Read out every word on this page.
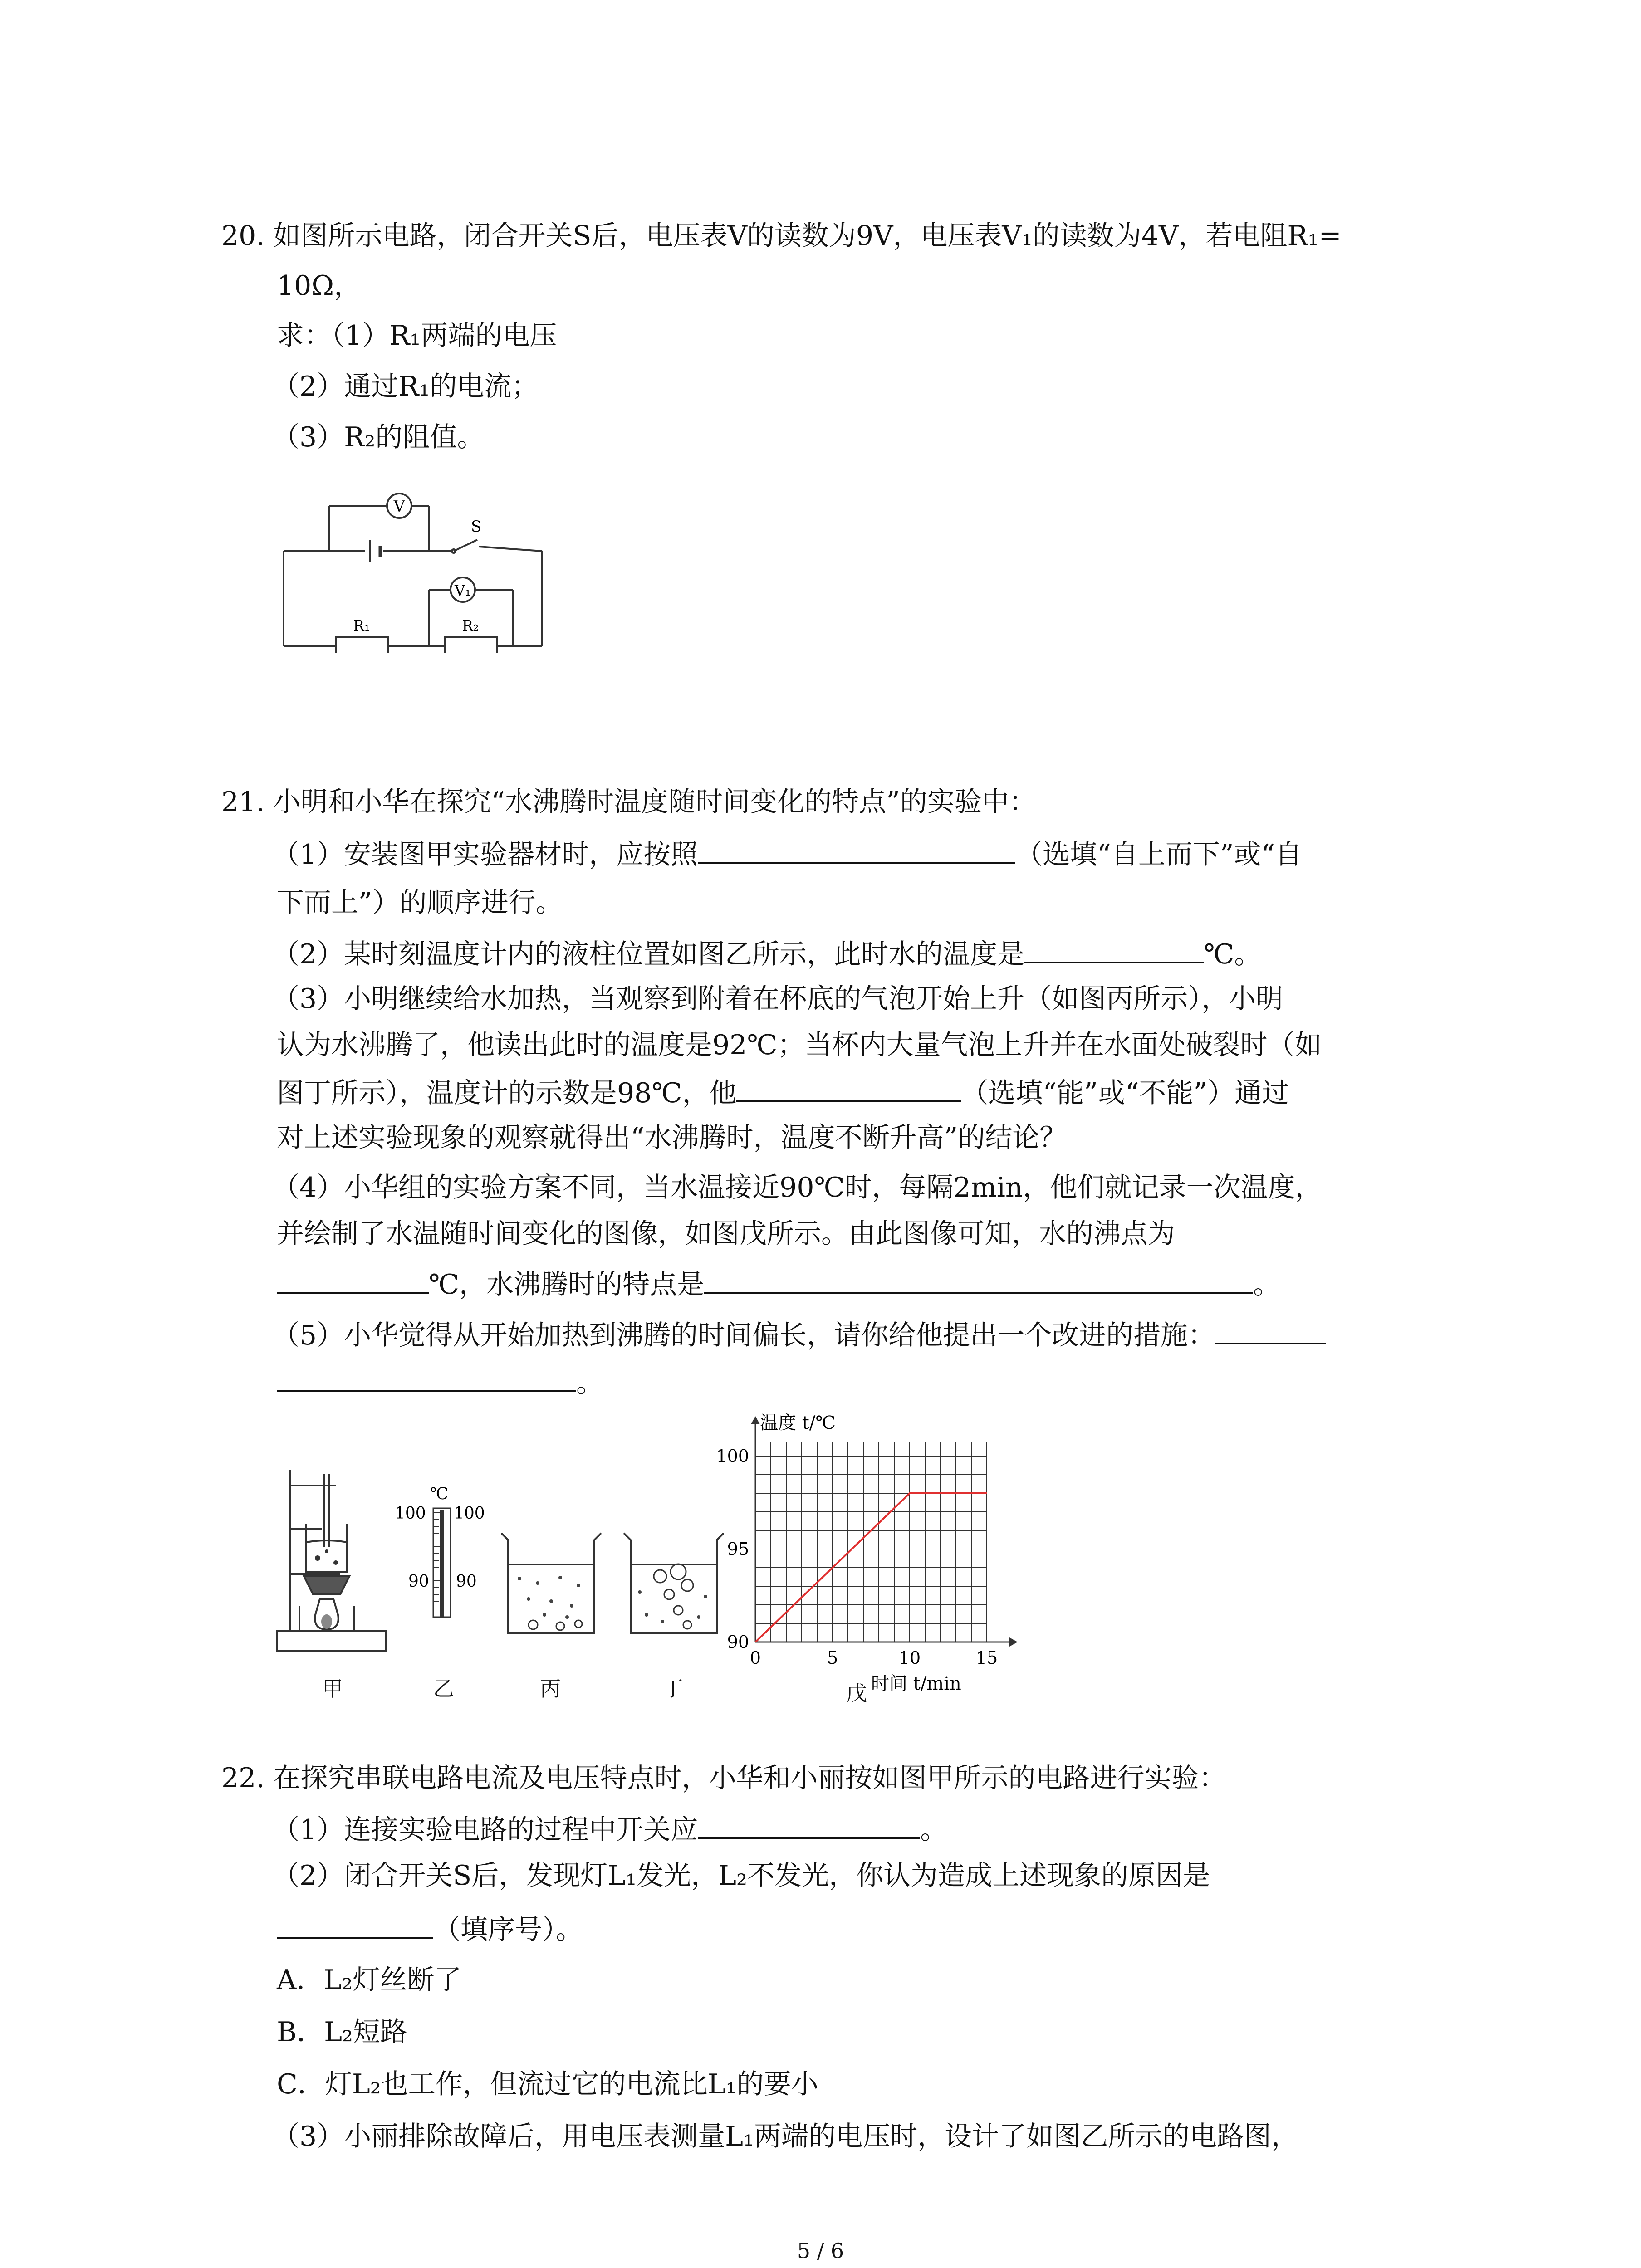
20. 如图所示电路，闭合开关S后，电压表V的读数为9V，电压表V₁的读数为4V，若电阻R₁=
10Ω，
求：（1）R₁两端的电压
（2）通过R₁的电流；
（3）R₂的阻值。
V
V₁
S
R₁	R₂
21. 小明和小华在探究“水沸腾时温度随时间变化的特点”的实验中：
（1）安装图甲实验器材时，应按照	（选填“自上而下”或“自
下而上”）的顺序进行。
（2）某时刻温度计内的液柱位置如图乙所示，此时水的温度是	℃。
（3）小明继续给水加热，当观察到附着在杯底的气泡开始上升（如图丙所示），小明
认为水沸腾了，他读出此时的温度是92℃；当杯内大量气泡上升并在水面处破裂时（如
图丁所示），温度计的示数是98℃，他	（选填“能”或“不能”）通过
对上述实验现象的观察就得出“水沸腾时，温度不断升高”的结论？
（4）小华组的实验方案不同，当水温接近90℃时，每隔2min，他们就记录一次温度，
并绘制了水温随时间变化的图像，如图戊所示。由此图像可知，水的沸点为
℃，水沸腾时的特点是	。
（5）小华觉得从开始加热到沸腾的时间偏长，请你给他提出一个改进的措施：
。
℃
100 100
90 90
0	5	10	15
90
95
100
温度 t/℃
时间 t/min
甲	乙	丙	丁	戊
22. 在探究串联电路电流及电压特点时，小华和小丽按如图甲所示的电路进行实验：
（1）连接实验电路的过程中开关应	。
（2）闭合开关S后，发现灯L₁发光，L₂不发光，你认为造成上述现象的原因是
（填序号）。
A．L₂灯丝断了
B．L₂短路
C．灯L₂也工作，但流过它的电流比L₁的要小
（3）小丽排除故障后，用电压表测量L₁两端的电压时，设计了如图乙所示的电路图，
5 / 6
